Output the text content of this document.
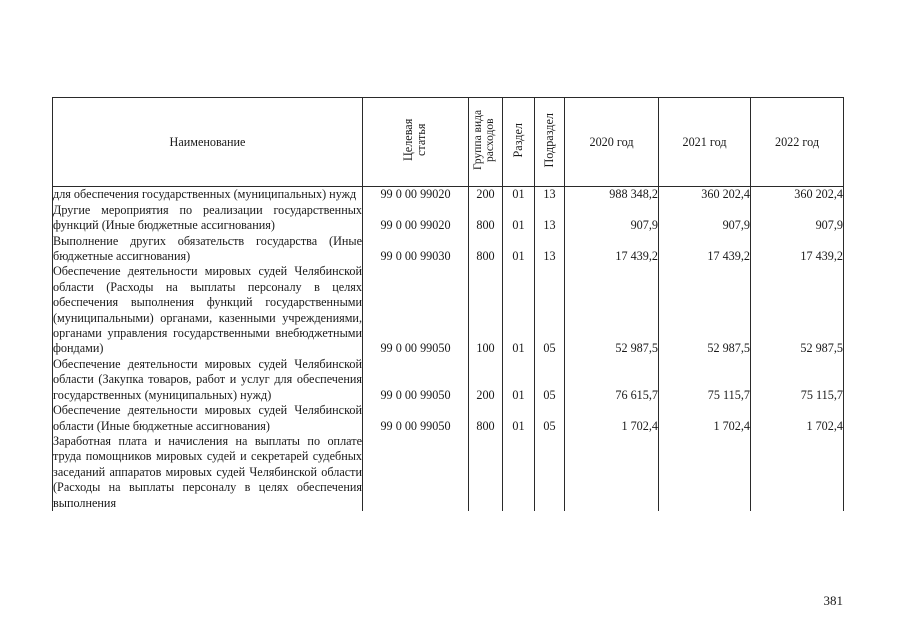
Наименование	Целевая статья	Группа вида расходов	Раздел	Подраздел	2020 год	2021 год	2022 год
для обеспечения государственных (муниципальных) нужд	99 0 00 99020	200	01	13	988 348,2	360 202,4	360 202,4
Другие мероприятия по реализации государственных функций (Иные бюджетные ассигнования)	99 0 00 99020	800	01	13	907,9	907,9	907,9
Выполнение других обязательств государства (Иные бюджетные ассигнования)	99 0 00 99030	800	01	13	17 439,2	17 439,2	17 439,2
Обеспечение деятельности мировых судей Челябинской области (Расходы на выплаты персоналу в целях обеспечения выполнения функций государственными (муниципальными) органами, казенными учреждениями, органами управления государственными внебюджетными фондами)	99 0 00 99050	100	01	05	52 987,5	52 987,5	52 987,5
Обеспечение деятельности мировых судей Челябинской области (Закупка товаров, работ и услуг для обеспечения государственных (муниципальных) нужд)	99 0 00 99050	200	01	05	76 615,7	75 115,7	75 115,7
Обеспечение деятельности мировых судей Челябинской области (Иные бюджетные ассигнования)	99 0 00 99050	800	01	05	1 702,4	1 702,4	1 702,4
Заработная плата и начисления на выплаты по оплате труда помощников мировых судей и секретарей судебных заседаний аппаратов мировых судей Челябинской области (Расходы на выплаты персоналу в целях обеспечения выполнения							
381
